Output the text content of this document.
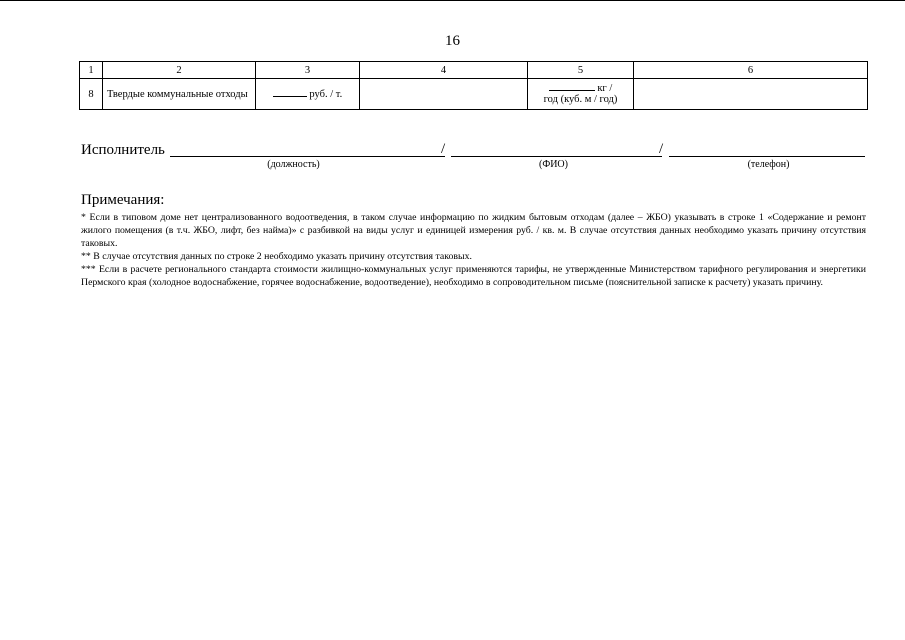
16
1	2	3	4	5	6
8	Твердые коммунальные отходы	руб. / т.		кг /
год (куб. м / год)	

Исполнитель	/	/
(должность)	(ФИО)	(телефон)
Примечания:

* Если в типовом доме нет централизованного водоотведения, в таком случае информацию по жидким бытовым отходам (далее – ЖБО) указывать в строке 1 «Содержание и ремонт жилого помещения (в т.ч. ЖБО, лифт, без найма)» с разбивкой на виды услуг и единицей измерения руб. / кв. м. В случае отсутствия данных необходимо указать причину отсутствия таковых.

** В случае отсутствия данных по строке 2 необходимо указать причину отсутствия таковых.

*** Если в расчете регионального стандарта стоимости жилищно-коммунальных услуг применяются тарифы, не утвержденные Министерством тарифного регулирования и энергетики Пермского края (холодное водоснабжение, горячее водоснабжение, водоотведение), необходимо в сопроводительном письме (пояснительной записке к расчету) указать причину.
